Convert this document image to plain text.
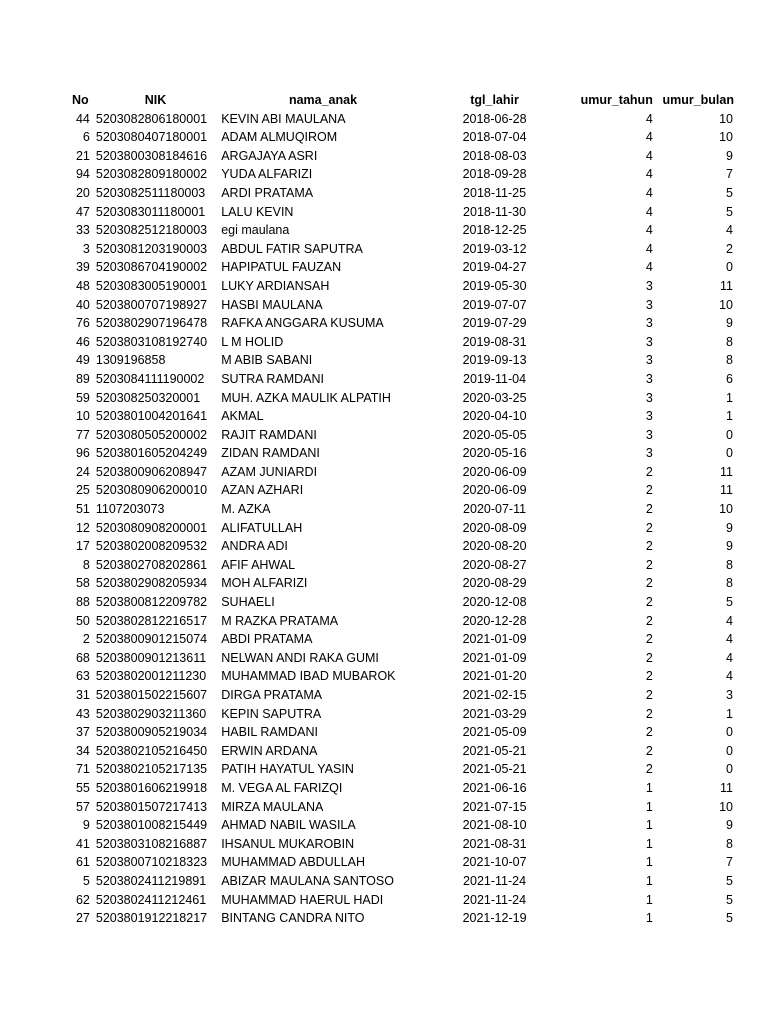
No	NIK	nama_anak	tgl_lahir	umur_tahun	umur_bulan
44	5203082806180001	KEVIN ABI MAULANA	2018-06-28	4	10
6	5203080407180001	ADAM ALMUQIROM	2018-07-04	4	10
21	5203800308184616	ARGAJAYA ASRI	2018-08-03	4	9
94	5203082809180002	YUDA ALFARIZI	2018-09-28	4	7
20	5203082511180003	ARDI PRATAMA	2018-11-25	4	5
47	5203083011180001	LALU KEVIN	2018-11-30	4	5
33	5203082512180003	egi maulana	2018-12-25	4	4
3	5203081203190003	ABDUL FATIR SAPUTRA	2019-03-12	4	2
39	5203086704190002	HAPIPATUL FAUZAN	2019-04-27	4	0
48	5203083005190001	LUKY ARDIANSAH	2019-05-30	3	11
40	5203800707198927	HASBI MAULANA	2019-07-07	3	10
76	5203802907196478	RAFKA ANGGARA KUSUMA	2019-07-29	3	9
46	5203803108192740	L M HOLID	2019-08-31	3	8
49	1309196858	M ABIB SABANI	2019-09-13	3	8
89	5203084111190002	SUTRA RAMDANI	2019-11-04	3	6
59	520308250320001	MUH. AZKA MAULIK ALPATIH	2020-03-25	3	1
10	5203801004201641	AKMAL	2020-04-10	3	1
77	5203080505200002	RAJIT RAMDANI	2020-05-05	3	0
96	5203801605204249	ZIDAN RAMDANI	2020-05-16	3	0
24	5203800906208947	AZAM JUNIARDI	2020-06-09	2	11
25	5203080906200010	AZAN AZHARI	2020-06-09	2	11
51	1107203073	M. AZKA	2020-07-11	2	10
12	5203080908200001	ALIFATULLAH	2020-08-09	2	9
17	5203802008209532	ANDRA ADI	2020-08-20	2	9
8	5203802708202861	AFIF AHWAL	2020-08-27	2	8
58	5203802908205934	MOH ALFARIZI	2020-08-29	2	8
88	5203800812209782	SUHAELI	2020-12-08	2	5
50	5203802812216517	M RAZKA PRATAMA	2020-12-28	2	4
2	5203800901215074	ABDI PRATAMA	2021-01-09	2	4
68	5203800901213611	NELWAN ANDI RAKA GUMI	2021-01-09	2	4
63	5203802001211230	MUHAMMAD IBAD MUBAROK	2021-01-20	2	4
31	5203801502215607	DIRGA PRATAMA	2021-02-15	2	3
43	5203802903211360	KEPIN SAPUTRA	2021-03-29	2	1
37	5203800905219034	HABIL RAMDANI	2021-05-09	2	0
34	5203802105216450	ERWIN ARDANA	2021-05-21	2	0
71	5203802105217135	PATIH HAYATUL YASIN	2021-05-21	2	0
55	5203801606219918	M. VEGA AL FARIZQI	2021-06-16	1	11
57	5203801507217413	MIRZA MAULANA	2021-07-15	1	10
9	5203801008215449	AHMAD NABIL WASILA	2021-08-10	1	9
41	5203803108216887	IHSANUL MUKAROBIN	2021-08-31	1	8
61	5203800710218323	MUHAMMAD ABDULLAH	2021-10-07	1	7
5	5203802411219891	ABIZAR MAULANA SANTOSO	2021-11-24	1	5
62	5203802411212461	MUHAMMAD HAERUL HADI	2021-11-24	1	5
27	5203801912218217	BINTANG CANDRA NITO	2021-12-19	1	5
